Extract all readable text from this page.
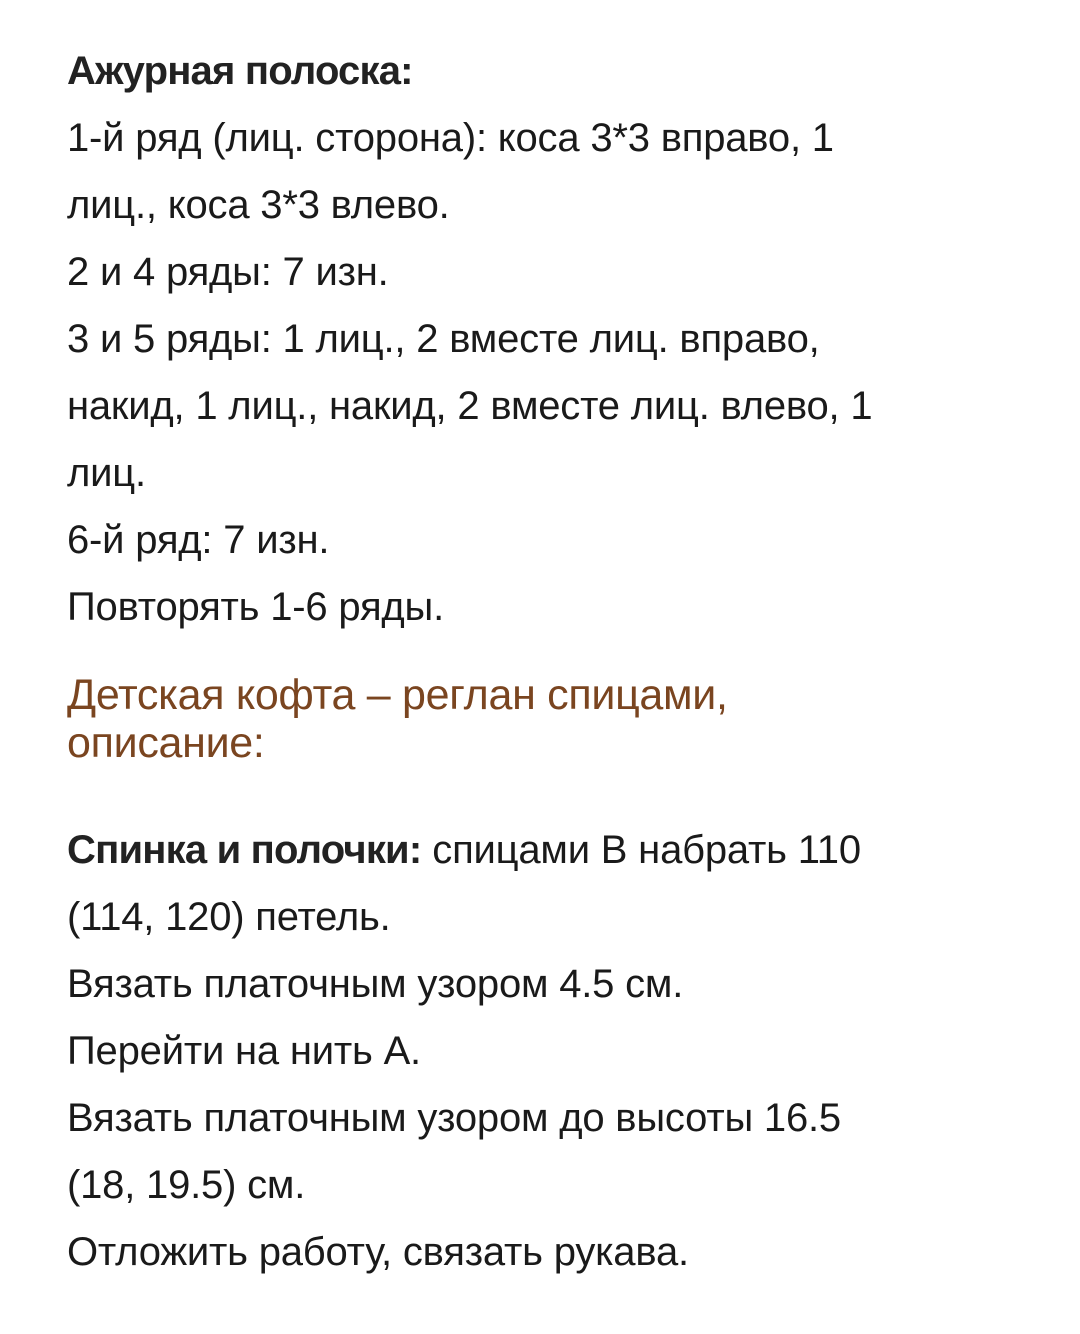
Ажурная полоска:
1-й ряд (лиц. сторона): коса 3*3 вправо, 1
лиц., коса 3*3 влево.
2 и 4 ряды: 7 изн.
3 и 5 ряды: 1 лиц., 2 вместе лиц. вправо,
накид, 1 лиц., накид, 2 вместе лиц. влево, 1
лиц.
6-й ряд: 7 изн.
Повторять 1-6 ряды.
Детская кофта – реглан спицами,
описание:
Спинка и полочки: спицами B набрать 110
(114, 120) петель.
Вязать платочным узором 4.5 см.
Перейти на нить А.
Вязать платочным узором до высоты 16.5
(18, 19.5) см.
Отложить работу, связать рукава.
